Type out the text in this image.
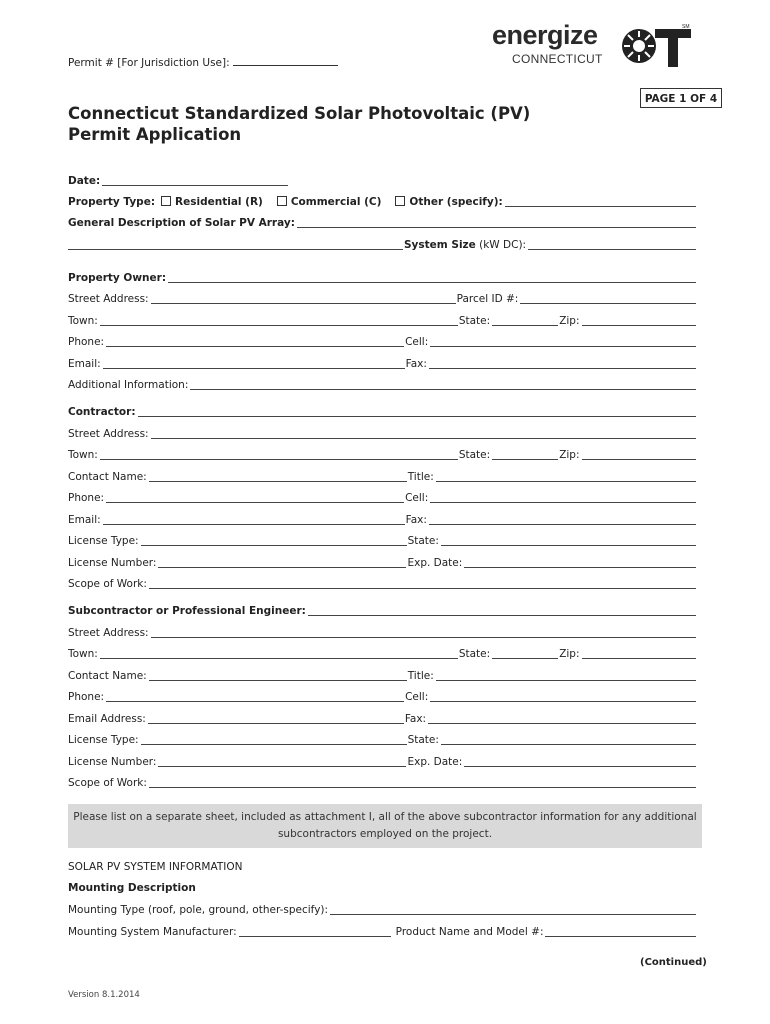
Permit # [For Jurisdiction Use]:
energize
CONNECTICUT
SM
PAGE 1 OF 4
Connecticut Standardized Solar Photovoltaic (PV)
Permit Application
Date:
Property Type:	Residential (R)	Commercial (C)	Other (specify):
General Description of Solar PV Array:
System Size (kW DC):
Property Owner:
Street Address:	Parcel ID #:
Town:	State:	Zip:
Phone:	Cell:
Email:	Fax:
Additional Information:
Contractor:
Street Address:
Town:	State:	Zip:
Contact Name:	Title:
Phone:	Cell:
Email:	Fax:
License Type:	State:
License Number:	Exp. Date:
Scope of Work:
Subcontractor or Professional Engineer:
Street Address:
Town:	State:	Zip:
Contact Name:	Title:
Phone:	Cell:
Email Address:	Fax:
License Type:	State:
License Number:	Exp. Date:
Scope of Work:
Please list on a separate sheet, included as attachment I, all of the above subcontractor information for any additional
subcontractors employed on the project.
SOLAR PV SYSTEM INFORMATION
Mounting Description
Mounting Type (roof, pole, ground, other-specify):
Mounting System Manufacturer:	Product Name and Model #:
(Continued)
Version 8.1.2014
